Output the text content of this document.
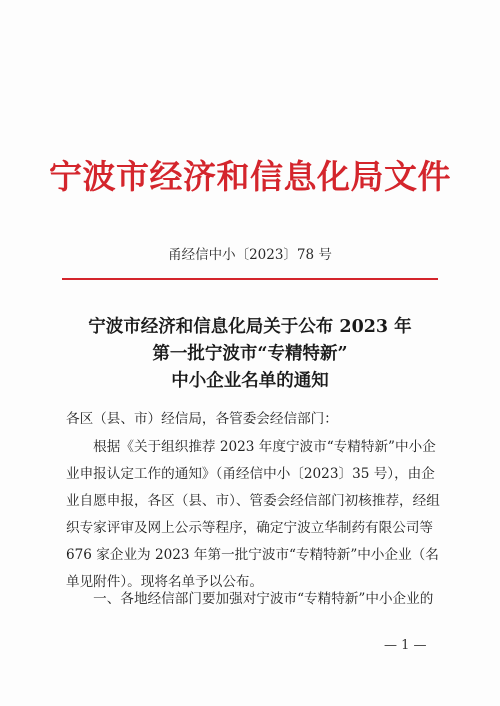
宁波市经济和信息化局文件
甬经信中小〔2023〕78 号
宁波市经济和信息化局关于公布 2023 年
第一批宁波市“专精特新”
中小企业名单的通知
各区（县、市）经信局，各管委会经信部门：
　　根据《关于组织推荐 2023 年度宁波市“专精特新”中小企
业申报认定工作的通知》（甬经信中小〔2023〕35 号），由企
业自愿申报，各区（县、市）、管委会经信部门初核推荐，经组
织专家评审及网上公示等程序，确定宁波立华制药有限公司等
676 家企业为 2023 年第一批宁波市“专精特新”中小企业（名
单见附件）。现将名单予以公布。
　　一、各地经信部门要加强对宁波市“专精特新”中小企业的
— 1 —
